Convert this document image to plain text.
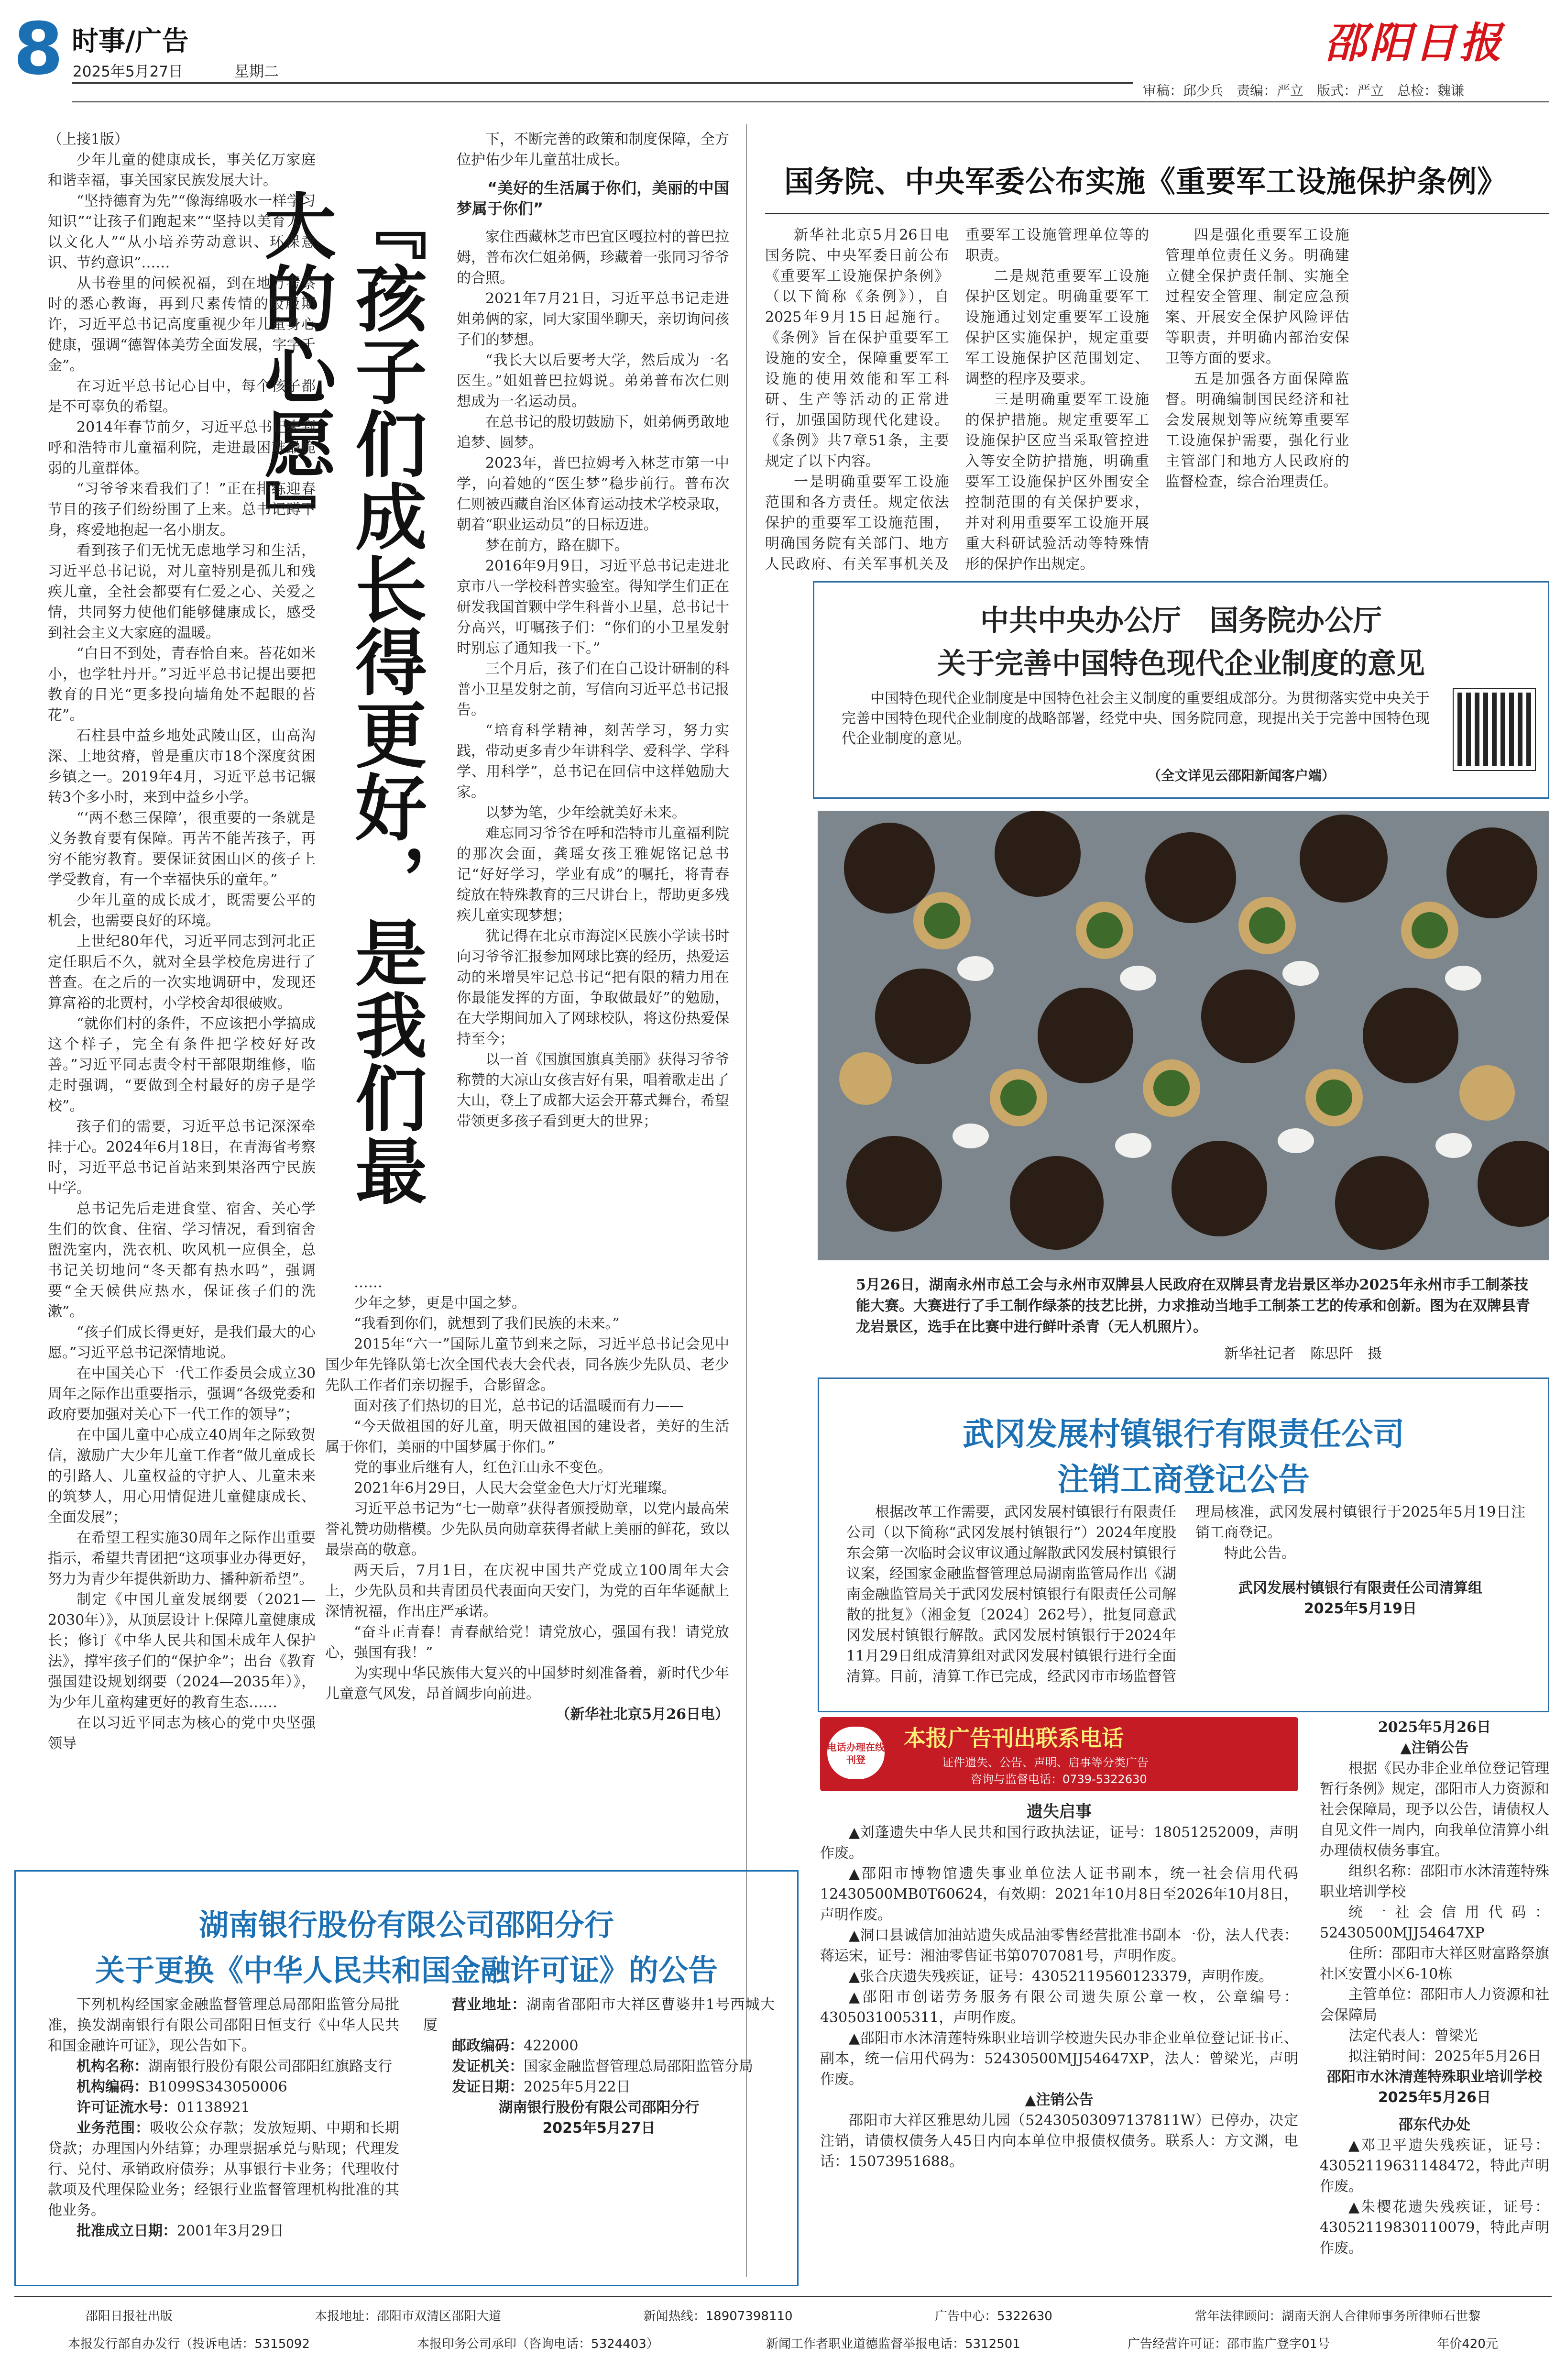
8 时事/广告
2025年5月27日	星期二
邵阳日报
审稿：邱少兵　责编：严立　版式：严立　总检：魏谦
『孩子们成长得更好，是我们最大的心愿』

（上接1版）

少年儿童的健康成长，事关亿万家庭和谐幸福，事关国家民族发展大计。

“坚持德育为先”“像海绵吸水一样学习知识”“让孩子们跑起来”“坚持以美育人、以文化人”“从小培养劳动意识、环保意识、节约意识”……

从书卷里的问候祝福，到在地方考察时的悉心教诲，再到尺素传情的殷殷期许，习近平总书记高度重视少年儿童身心健康，强调“德智体美劳全面发展，字字千金”。

在习近平总书记心目中，每个孩子都是不可辜负的希望。

2014年春节前夕，习近平总书记来到呼和浩特市儿童福利院，走进最困难最脆弱的儿童群体。

“习爷爷来看我们了！”正在排练迎春节目的孩子们纷纷围了上来。总书记蹲下身，疼爱地抱起一名小朋友。

看到孩子们无忧无虑地学习和生活，习近平总书记说，对儿童特别是孤儿和残疾儿童，全社会都要有仁爱之心、关爱之情，共同努力使他们能够健康成长，感受到社会主义大家庭的温暖。

“白日不到处，青春恰自来。苔花如米小，也学牡丹开。”习近平总书记提出要把教育的目光“更多投向墙角处不起眼的苔花”。

石柱县中益乡地处武陵山区，山高沟深、土地贫瘠，曾是重庆市18个深度贫困乡镇之一。2019年4月，习近平总书记辗转3个多小时，来到中益乡小学。

“‘两不愁三保障’，很重要的一条就是义务教育要有保障。再苦不能苦孩子，再穷不能穷教育。要保证贫困山区的孩子上学受教育，有一个幸福快乐的童年。”

少年儿童的成长成才，既需要公平的机会，也需要良好的环境。

上世纪80年代，习近平同志到河北正定任职后不久，就对全县学校危房进行了普查。在之后的一次实地调研中，发现还算富裕的北贾村，小学校舍却很破败。

“就你们村的条件，不应该把小学搞成这个样子，完全有条件把学校好好改善。”习近平同志责令村干部限期维修，临走时强调，“要做到全村最好的房子是学校”。

孩子们的需要，习近平总书记深深牵挂于心。2024年6月18日，在青海省考察时，习近平总书记首站来到果洛西宁民族中学。

总书记先后走进食堂、宿舍、关心学生们的饮食、住宿、学习情况，看到宿舍盥洗室内，洗衣机、吹风机一应俱全，总书记关切地问“冬天都有热水吗”，强调要“全天候供应热水，保证孩子们的洗漱”。

“孩子们成长得更好，是我们最大的心愿。”习近平总书记深情地说。

在中国关心下一代工作委员会成立30周年之际作出重要指示，强调“各级党委和政府要加强对关心下一代工作的领导”；

在中国儿童中心成立40周年之际致贺信，激励广大少年儿童工作者“做儿童成长的引路人、儿童权益的守护人、儿童未来的筑梦人，用心用情促进儿童健康成长、全面发展”；

在希望工程实施30周年之际作出重要指示，希望共青团把“这项事业办得更好，努力为青少年提供新助力、播种新希望”。

制定《中国儿童发展纲要（2021—2030年）》，从顶层设计上保障儿童健康成长；修订《中华人民共和国未成年人保护法》，撑牢孩子们的“保护伞”；出台《教育强国建设规划纲要（2024—2035年）》，为少年儿童构建更好的教育生态……

在以习近平同志为核心的党中央坚强领导

下，不断完善的政策和制度保障，全方位护佑少年儿童茁壮成长。

“美好的生活属于你们，美丽的中国梦属于你们”

家住西藏林芝市巴宜区嘎拉村的普巴拉姆，普布次仁姐弟俩，珍藏着一张同习爷爷的合照。

2021年7月21日，习近平总书记走进姐弟俩的家，同大家围坐聊天，亲切询问孩子们的梦想。

“我长大以后要考大学，然后成为一名医生。”姐姐普巴拉姆说。弟弟普布次仁则想成为一名运动员。

在总书记的殷切鼓励下，姐弟俩勇敢地追梦、圆梦。

2023年，普巴拉姆考入林芝市第一中学，向着她的“医生梦”稳步前行。普布次仁则被西藏自治区体育运动技术学校录取，朝着“职业运动员”的目标迈进。

梦在前方，路在脚下。

2016年9月9日，习近平总书记走进北京市八一学校科普实验室。得知学生们正在研发我国首颗中学生科普小卫星，总书记十分高兴，叮嘱孩子们：“你们的小卫星发射时别忘了通知我一下。”

三个月后，孩子们在自己设计研制的科普小卫星发射之前，写信向习近平总书记报告。

“培育科学精神，刻苦学习，努力实践，带动更多青少年讲科学、爱科学、学科学、用科学”，总书记在回信中这样勉励大家。

以梦为笔，少年绘就美好未来。

难忘同习爷爷在呼和浩特市儿童福利院的那次会面，龚瑶女孩王雅妮铭记总书记“好好学习，学业有成”的嘱托，将青春绽放在特殊教育的三尺讲台上，帮助更多残疾儿童实现梦想；

犹记得在北京市海淀区民族小学读书时向习爷爷汇报参加网球比赛的经历，热爱运动的米增昊牢记总书记“把有限的精力用在你最能发挥的方面，争取做最好”的勉励，在大学期间加入了网球校队，将这份热爱保持至今；

以一首《国旗国旗真美丽》获得习爷爷称赞的大凉山女孩吉好有果，唱着歌走出了大山，登上了成都大运会开幕式舞台，希望带领更多孩子看到更大的世界；

……

少年之梦，更是中国之梦。

“我看到你们，就想到了我们民族的未来。”

2015年“六一”国际儿童节到来之际，习近平总书记会见中国少年先锋队第七次全国代表大会代表，同各族少先队员、老少先队工作者们亲切握手，合影留念。

面对孩子们热切的目光，总书记的话温暖而有力——

“今天做祖国的好儿童，明天做祖国的建设者，美好的生活属于你们，美丽的中国梦属于你们。”

党的事业后继有人，红色江山永不变色。

2021年6月29日，人民大会堂金色大厅灯光璀璨。

习近平总书记为“七一勋章”获得者颁授勋章，以党内最高荣誉礼赞功勋楷模。少先队员向勋章获得者献上美丽的鲜花，致以最崇高的敬意。

两天后，7月1日，在庆祝中国共产党成立100周年大会上，少先队员和共青团员代表面向天安门，为党的百年华诞献上深情祝福，作出庄严承诺。

“奋斗正青春！青春献给党！请党放心，强国有我！请党放心，强国有我！”

为实现中华民族伟大复兴的中国梦时刻准备着，新时代少年儿童意气风发，昂首阔步向前进。

（新华社北京5月26日电）

国务院、中央军委公布实施《重要军工设施保护条例》

新华社北京5月26日电　国务院、中央军委日前公布《重要军工设施保护条例》（以下简称《条例》），自2025年9月15日起施行。《条例》旨在保护重要军工设施的安全，保障重要军工设施的使用效能和军工科研、生产等活动的正常进行，加强国防现代化建设。《条例》共7章51条，主要规定了以下内容。

一是明确重要军工设施范围和各方责任。规定依法保护的重要军工设施范围，明确国务院有关部门、地方人民政府、有关军事机关及重要军工设施管理单位等的职责。

二是规范重要军工设施保护区划定。明确重要军工设施通过划定重要军工设施保护区实施保护，规定重要军工设施保护区范围划定、调整的程序及要求。

三是明确重要军工设施的保护措施。规定重要军工设施保护区应当采取管控进入等安全防护措施，明确重要军工设施保护区外围安全控制范围的有关保护要求，并对利用重要军工设施开展重大科研试验活动等特殊情形的保护作出规定。

四是强化重要军工设施管理单位责任义务。明确建立健全保护责任制、实施全过程安全管理、制定应急预案、开展安全保护风险评估等职责，并明确内部治安保卫等方面的要求。

五是加强各方面保障监督。明确编制国民经济和社会发展规划等应统筹重要军工设施保护需要，强化行业主管部门和地方人民政府的监督检查，综合治理责任。

中共中央办公厅　国务院办公厅
关于完善中国特色现代企业制度的意见
中国特色现代企业制度是中国特色社会主义制度的重要组成部分。为贯彻落实党中央关于完善中国特色现代企业制度的战略部署，经党中央、国务院同意，现提出关于完善中国特色现代企业制度的意见。
（全文详见云邵阳新闻客户端）
5月26日，湖南永州市总工会与永州市双牌县人民政府在双牌县青龙岩景区举办2025年永州市手工制茶技能大赛。大赛进行了手工制作绿茶的技艺比拼，力求推动当地手工制茶工艺的传承和创新。图为在双牌县青龙岩景区，选手在比赛中进行鲜叶杀青（无人机照片）。
新华社记者　陈思阡　摄
武冈发展村镇银行有限责任公司
注销工商登记公告

根据改革工作需要，武冈发展村镇银行有限责任公司（以下简称“武冈发展村镇银行”）2024年度股东会第一次临时会议审议通过解散武冈发展村镇银行议案，经国家金融监督管理总局湖南监管局作出《湖南金融监管局关于武冈发展村镇银行有限责任公司解散的批复》（湘金复〔2024〕262号），批复同意武冈发展村镇银行解散。武冈发展村镇银行于2024年11月29日组成清算组对武冈发展村镇银行进行全面清算。目前，清算工作已完成，经武冈市市场监督管理局核准，武冈发展村镇银行于2025年5月19日注销工商登记。

特此公告。

武冈发展村镇银行有限责任公司清算组

2025年5月19日

电话办理在线刊登
本报广告刊出联系电话
证件遗失、公告、声明、启事等分类广告
咨询与监督电话：0739-5322630
遗失启事

▲刘蓬遗失中华人民共和国行政执法证，证号：18051252009，声明作废。

▲邵阳市博物馆遗失事业单位法人证书副本，统一社会信用代码12430500MB0T60624，有效期：2021年10月8日至2026年10月8日，声明作废。

▲洞口县诚信加油站遗失成品油零售经营批准书副本一份，法人代表：蒋运宋，证号：湘油零售证书第0707081号，声明作废。

▲张合庆遗失残疾证，证号：43052119560123379，声明作废。

▲邵阳市创诺劳务服务有限公司遗失原公章一枚，公章编号：4305031005311，声明作废。

▲邵阳市水沐清莲特殊职业培训学校遗失民办非企业单位登记证书正、副本，统一信用代码为：52430500MJJ54647XP，法人：曾梁光，声明作废。

▲注销公告

邵阳市大祥区雅思幼儿园（52430503097137811W）已停办，决定注销，请债权债务人45日内向本单位申报债权债务。联系人：方文渊，电话：15073951688。

2025年5月26日

▲注销公告

根据《民办非企业单位登记管理暂行条例》规定，邵阳市人力资源和社会保障局，现予以公告，请债权人自见文件一周内，向我单位清算小组办理债权债务事宜。

组织名称：邵阳市水沐清莲特殊职业培训学校

统一社会信用代码：52430500MJJ54647XP

住所：邵阳市大祥区财富路祭旗社区安置小区6-10栋

主管单位：邵阳市人力资源和社会保障局

法定代表人：曾梁光

拟注销时间：2025年5月26日

邵阳市水沐清莲特殊职业培训学校

2025年5月26日

邵东代办处

▲邓卫平遗失残疾证，证号：43052119631148472，特此声明作废。

▲朱樱花遗失残疾证，证号：43052119830110079，特此声明作废。

湖南银行股份有限公司邵阳分行
关于更换《中华人民共和国金融许可证》的公告

下列机构经国家金融监督管理总局邵阳监管分局批准，换发湖南银行有限公司邵阳日恒支行《中华人民共和国金融许可证》，现公告如下。

机构名称：湖南银行股份有限公司邵阳红旗路支行

机构编码：B1099S343050006

许可证流水号：01138921

业务范围：吸收公众存款；发放短期、中期和长期贷款；办理国内外结算；办理票据承兑与贴现；代理发行、兑付、承销政府债券；从事银行卡业务；代理收付款项及代理保险业务；经银行业监督管理机构批准的其他业务。

批准成立日期：2001年3月29日

营业地址：湖南省邵阳市大祥区曹婆井1号西城大厦

邮政编码：422000

发证机关：国家金融监督管理总局邵阳监管分局

发证日期：2025年5月22日

湖南银行股份有限公司邵阳分行

2025年5月27日

邵阳日报社出版	本报地址：邵阳市双清区邵阳大道	新闻热线：18907398110	广告中心：5322630	常年法律顾问：湖南天润人合律师事务所律师石世黎
本报发行部自办发行（投诉电话：5315092	本报印务公司承印（咨询电话：5324403）	新闻工作者职业道德监督举报电话：5312501	广告经营许可证：邵市监广登字01号	年价420元
